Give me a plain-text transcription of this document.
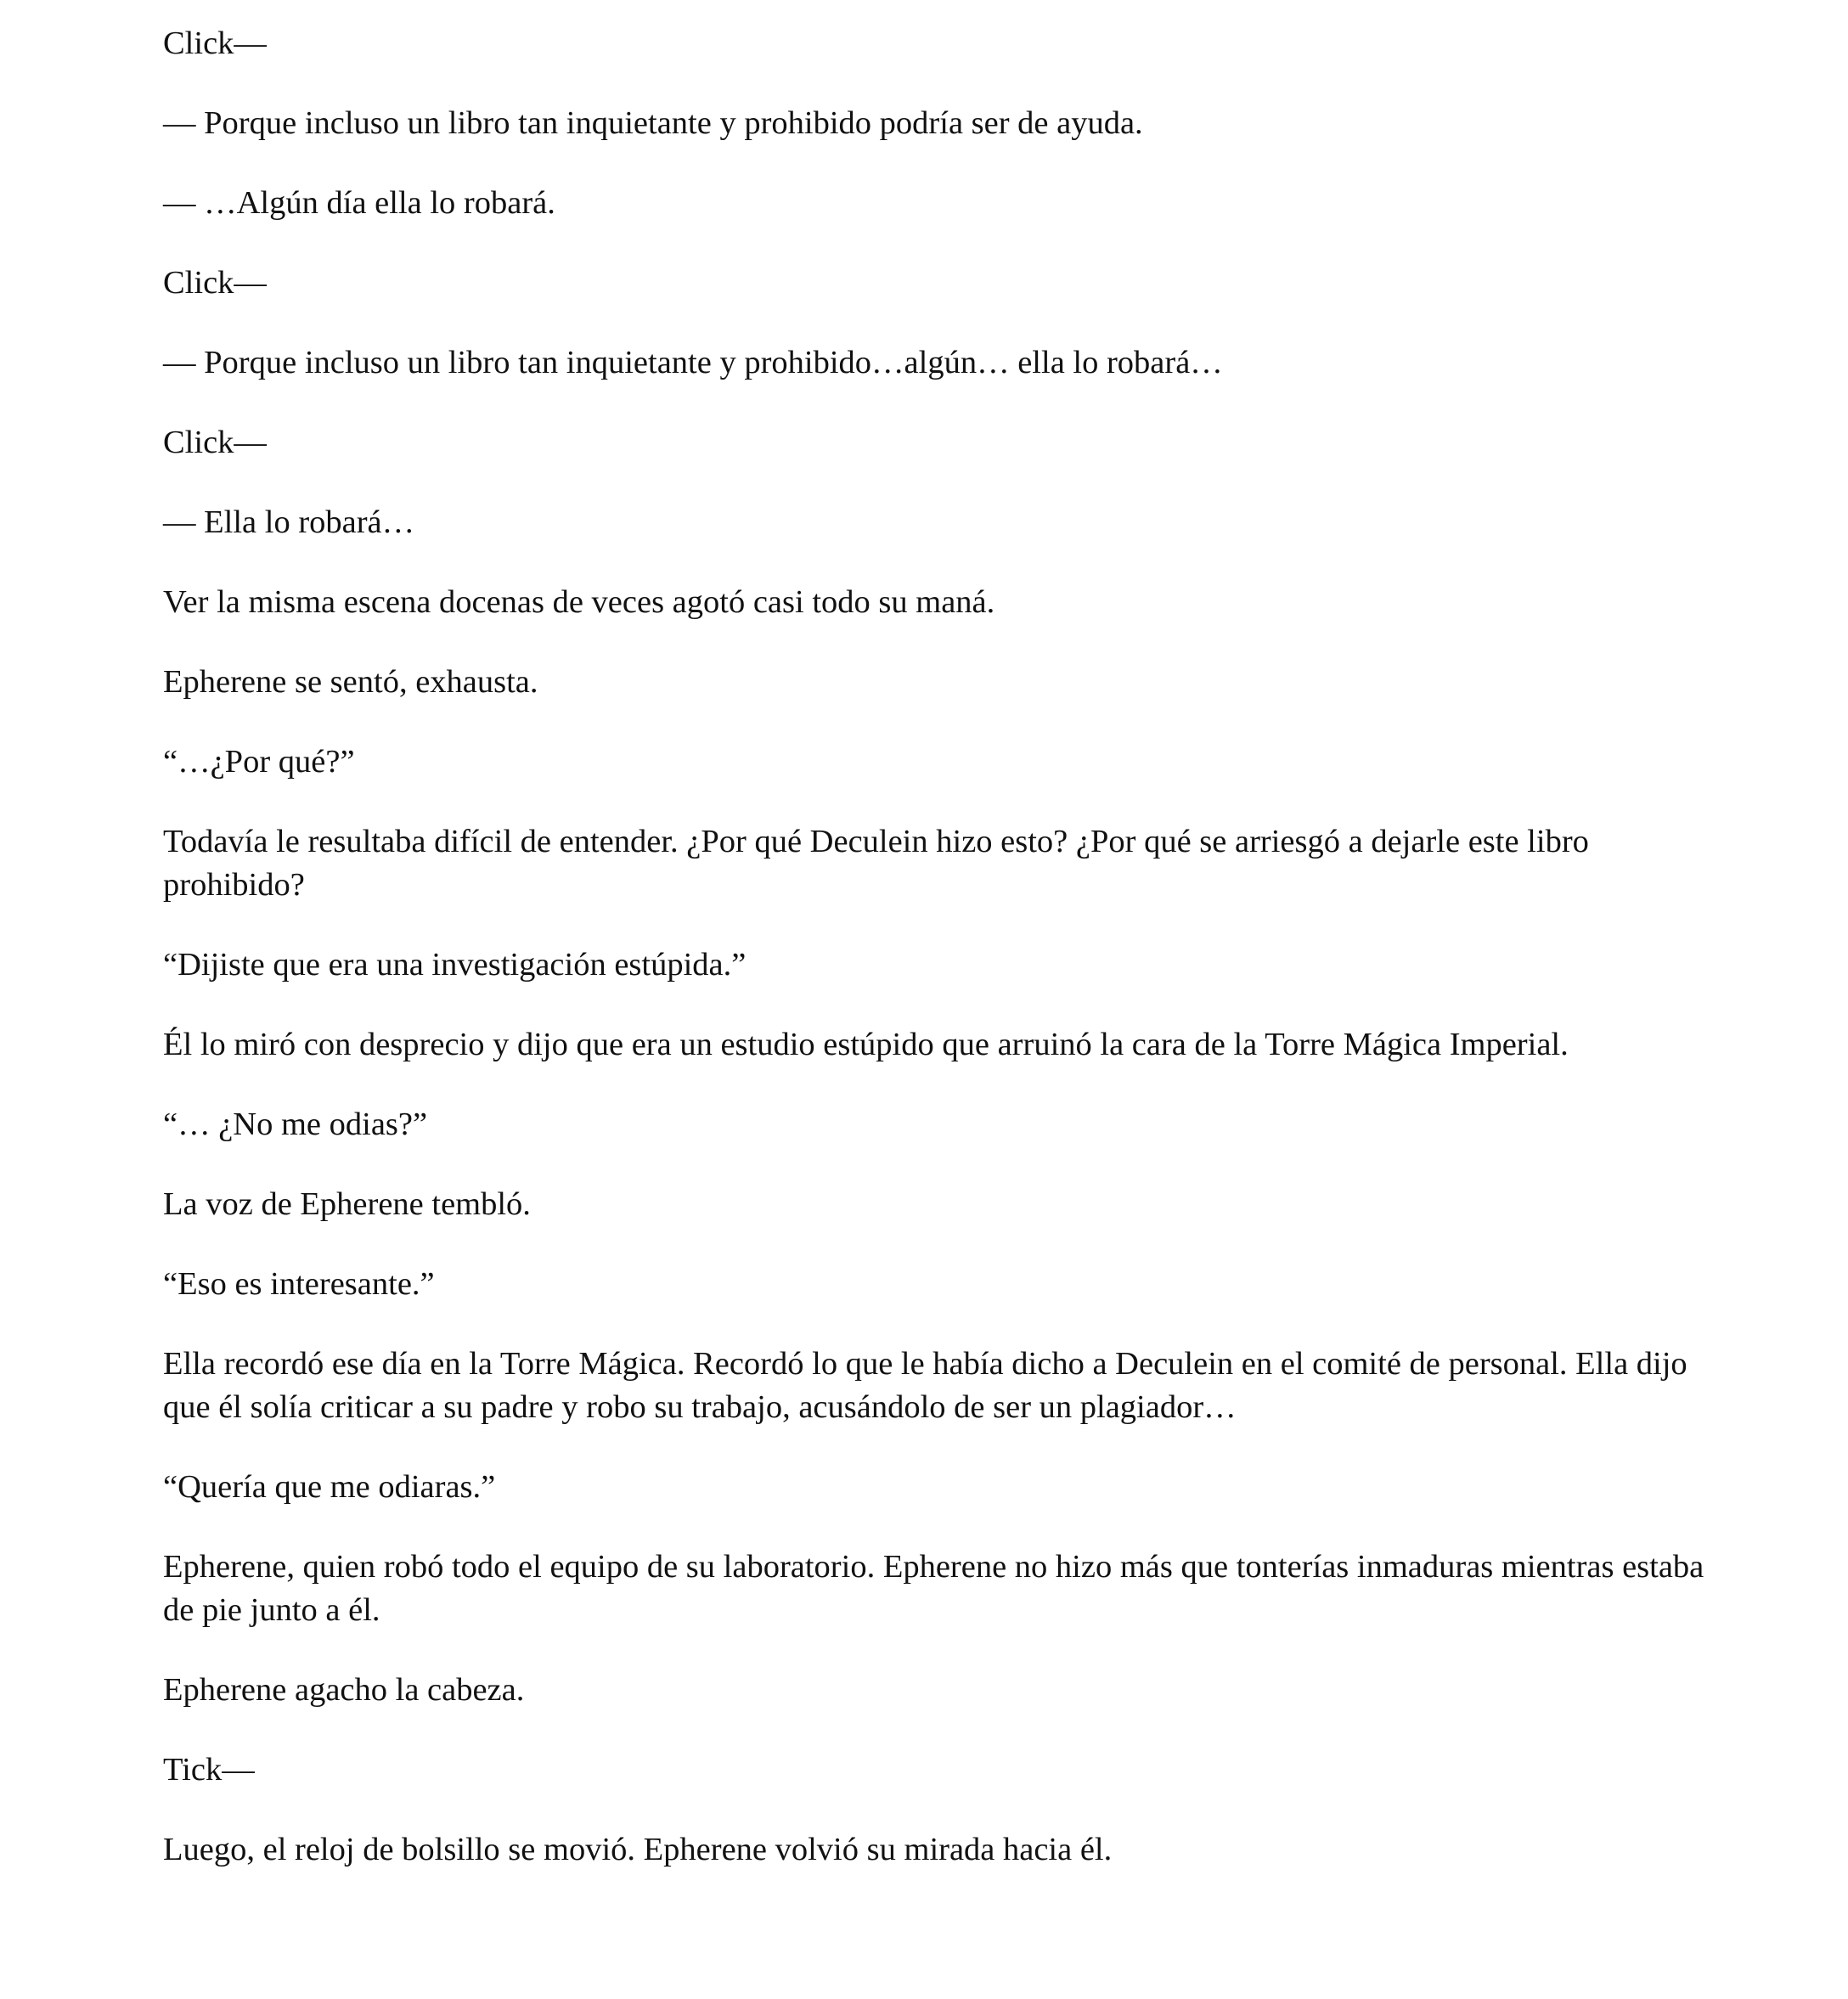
Click—

— Porque incluso un libro tan inquietante y prohibido podría ser de ayuda.

— …Algún día ella lo robará.

Click—

— Porque incluso un libro tan inquietante y prohibido…algún… ella lo robará…

Click—

— Ella lo robará…

Ver la misma escena docenas de veces agotó casi todo su maná.

Epherene se sentó, exhausta.

“…¿Por qué?”

Todavía le resultaba difícil de entender. ¿Por qué Deculein hizo esto? ¿Por qué se arriesgó a dejarle este libro prohibido?

“Dijiste que era una investigación estúpida.”

Él lo miró con desprecio y dijo que era un estudio estúpido que arruinó la cara de la Torre Mágica Imperial.

“… ¿No me odias?”

La voz de Epherene tembló.

“Eso es interesante.”

Ella recordó ese día en la Torre Mágica. Recordó lo que le había dicho a Deculein en el comité de personal. Ella dijo que él solía criticar a su padre y robo su trabajo, acusándolo de ser un plagiador…

“Quería que me odiaras.”

Epherene, quien robó todo el equipo de su laboratorio. Epherene no hizo más que tonterías inmaduras mientras estaba de pie junto a él.

Epherene agacho la cabeza.

Tick—

Luego, el reloj de bolsillo se movió. Epherene volvió su mirada hacia él.
